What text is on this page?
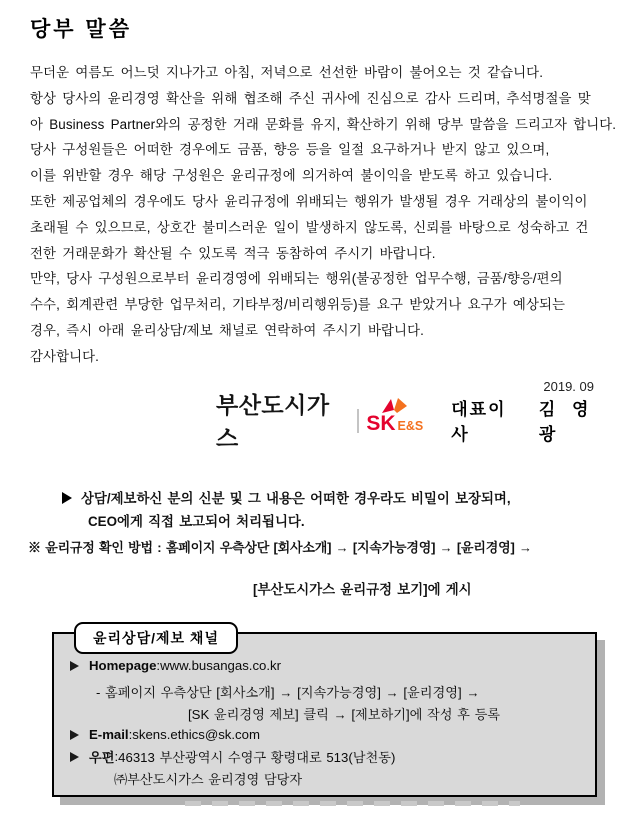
당부 말씀
무더운 여름도 어느덧 지나가고 아침, 저녁으로 선선한 바람이 불어오는 것 같습니다.
항상 당사의 윤리경영 확산을 위해 협조해 주신 귀사에 진심으로 감사 드리며, 추석명절을 맞
아 Business Partner와의 공정한 거래 문화를 유지, 확산하기 위해 당부 말씀을 드리고자 합니다.
당사 구성원들은 어떠한 경우에도 금품, 향응 등을 일절 요구하거나 받지 않고 있으며,
이를 위반할 경우 해당 구성원은 윤리규정에 의거하여 불이익을 받도록 하고 있습니다.
또한 제공업체의 경우에도 당사 윤리규정에 위배되는 행위가 발생될 경우 거래상의 불이익이
초래될 수 있으므로, 상호간 불미스러운 일이 발생하지 않도록, 신뢰를 바탕으로 성숙하고 건
전한 거래문화가 확산될 수 있도록 적극 동참하여 주시기 바랍니다.
만약, 당사 구성원으로부터 윤리경영에 위배되는 행위(불공정한 업무수행, 금품/향응/편의
수수, 회계관련 부당한 업무처리, 기타부정/비리행위등)를 요구 받았거나 요구가 예상되는
경우, 즉시 아래 윤리상담/제보 채널로 연락하여 주시기 바랍니다.
감사합니다.
2019. 09
부산도시가스
SK E&S
대표이사
김 영 광
상담/제보하신 분의 신분 및 그 내용은 어떠한 경우라도 비밀이 보장되며,
CEO에게 직접 보고되어 처리됩니다.
※ 윤리규정 확인 방법 : 홈페이지 우측상단 [회사소개] → [지속가능경영] → [윤리경영] →
[부산도시가스 윤리규정 보기]에 게시
윤리상담/제보 채널
Homepage : www.busangas.co.kr
- 홈페이지 우측상단 [회사소개] → [지속가능경영] → [윤리경영] →
[SK 윤리경영 제보] 클릭 → [제보하기]에 작성 후 등록
E-mail : skens.ethics@sk.com
우편 : 46313 부산광역시 수영구 황령대로 513(남천동)
㈜부산도시가스 윤리경영 담당자
